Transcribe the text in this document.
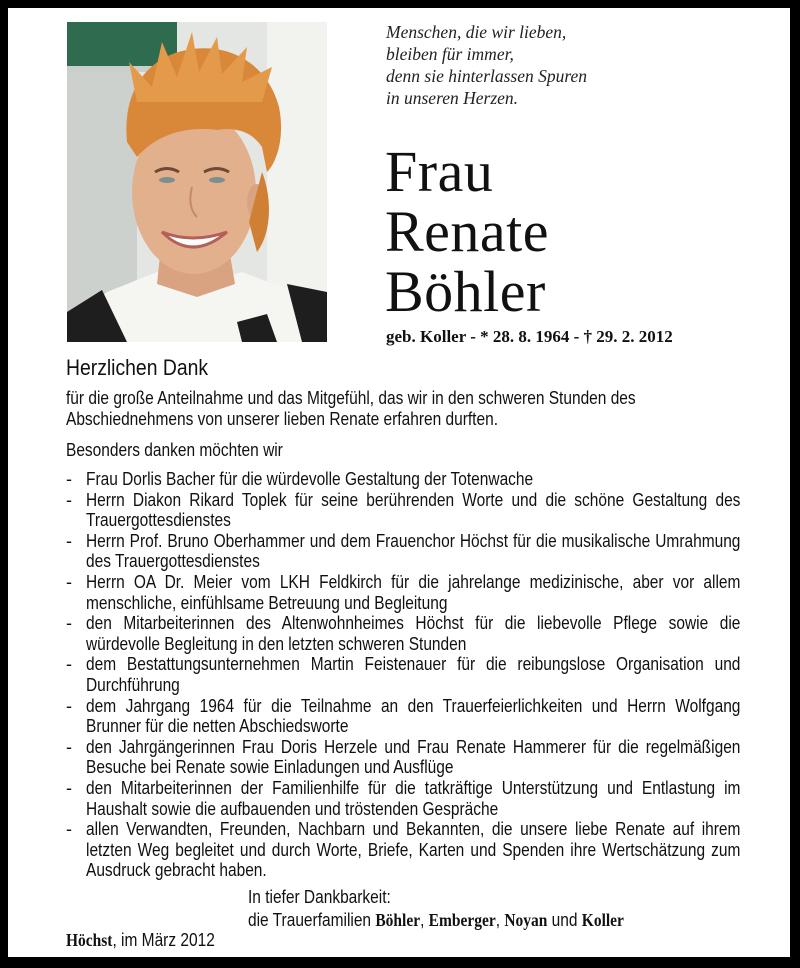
Menschen, die wir lieben,
bleiben für immer,
denn sie hinterlassen Spuren
in unseren Herzen.
Frau
Renate
Böhler
geb. Koller - * 28. 8. 1964 - † 29. 2. 2012
Herzlichen Dank
für die große Anteilnahme und das Mitgefühl, das wir in den schweren Stunden des Abschiednehmens von unserer lieben Renate erfahren durften.
Besonders danken möchten wir
- Frau Dorlis Bacher für die würdevolle Gestaltung der Totenwache
- Herrn Diakon Rikard Toplek für seine berührenden Worte und die schöne Gestaltung des Trauergottesdienstes
- Herrn Prof. Bruno Oberhammer und dem Frauenchor Höchst für die musikalische Umrahmung des Trauergottesdienstes
- Herrn OA Dr. Meier vom LKH Feldkirch für die jahrelange medizinische, aber vor allem menschliche, einfühlsame Betreuung und Begleitung
- den Mitarbeiterinnen des Altenwohnheimes Höchst für die liebevolle Pflege sowie die würdevolle Begleitung in den letzten schweren Stunden
- dem Bestattungsunternehmen Martin Feistenauer für die reibungslose Organisation und Durchführung
- dem Jahrgang 1964 für die Teilnahme an den Trauerfeierlichkeiten und Herrn Wolfgang Brunner für die netten Abschiedsworte
- den Jahrgängerinnen Frau Doris Herzele und Frau Renate Hammerer für die regelmäßigen Besuche bei Renate sowie Einladungen und Ausflüge
- den Mitarbeiterinnen der Familienhilfe für die tatkräftige Unterstützung und Entlastung im Haushalt sowie die aufbauenden und tröstenden Gespräche
- allen Verwandten, Freunden, Nachbarn und Bekannten, die unsere liebe Renate auf ihrem letzten Weg begleitet und durch Worte, Briefe, Karten und Spenden ihre Wertschätzung zum Ausdruck gebracht haben.
In tiefer Dankbarkeit:
die Trauerfamilien Böhler, Emberger, Noyan und Koller
Höchst, im März 2012
